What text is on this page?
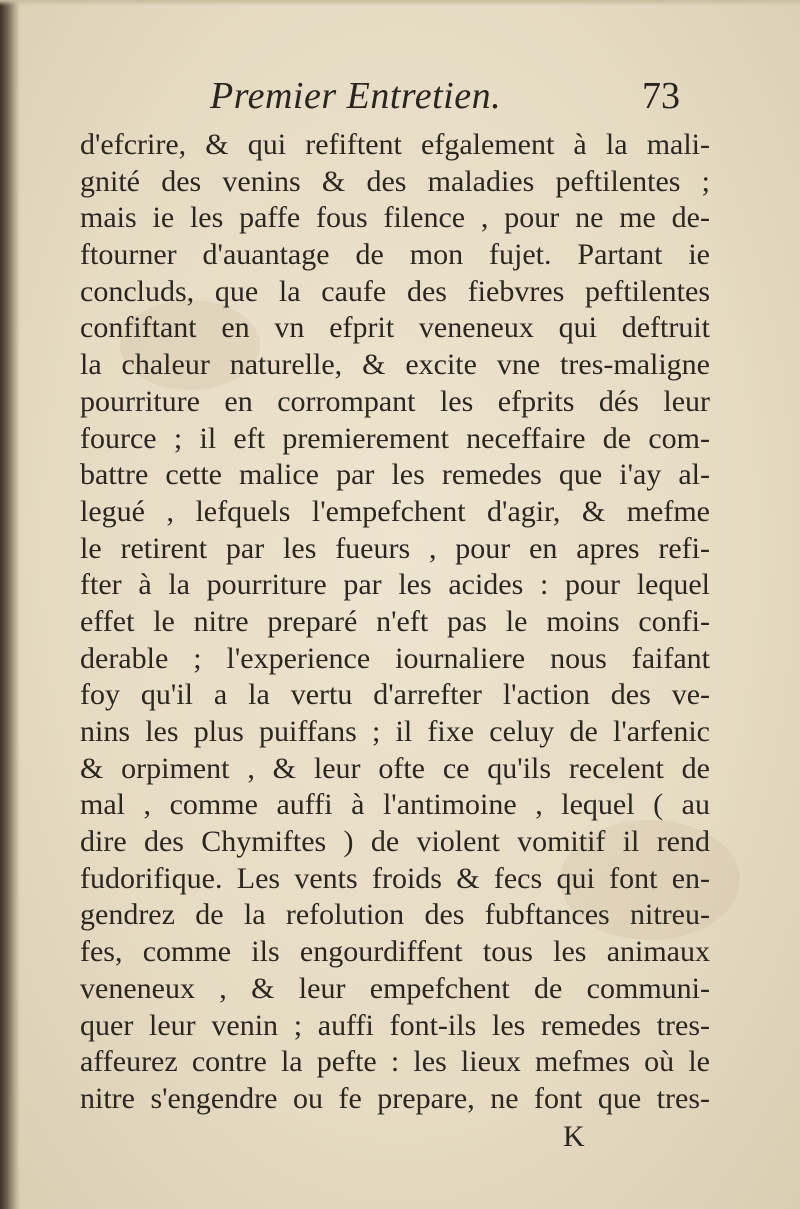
Premier Entretien.	73
d'efcrire, & qui refiftent efgalement à la mali-
gnité des venins & des maladies peftilentes ;
mais ie les paffe fous filence , pour ne me de-
ftourner d'auantage de mon fujet. Partant ie
concluds, que la caufe des fiebvres peftilentes
confiftant en vn efprit veneneux qui deftruit
la chaleur naturelle, & excite vne tres-maligne
pourriture en corrompant les efprits dés leur
fource ; il eft premierement neceffaire de com-
battre cette malice par les remedes que i'ay al-
legué , lefquels l'empefchent d'agir, & mefme
le retirent par les fueurs , pour en apres refi-
fter à la pourriture par les acides : pour lequel
effet le nitre preparé n'eft pas le moins confi-
derable ; l'experience iournaliere nous faifant
foy qu'il a la vertu d'arrefter l'action des ve-
nins les plus puiffans ; il fixe celuy de l'arfenic
& orpiment , & leur ofte ce qu'ils recelent de
mal , comme auffi à l'antimoine , lequel ( au
dire des Chymiftes ) de violent vomitif il rend
fudorifique. Les vents froids & fecs qui font en-
gendrez de la refolution des fubftances nitreu-
fes, comme ils engourdiffent tous les animaux
veneneux , & leur empefchent de communi-
quer leur venin ; auffi font-ils les remedes tres-
affeurez contre la pefte : les lieux mefmes où le
nitre s'engendre ou fe prepare, ne font que tres-
K
